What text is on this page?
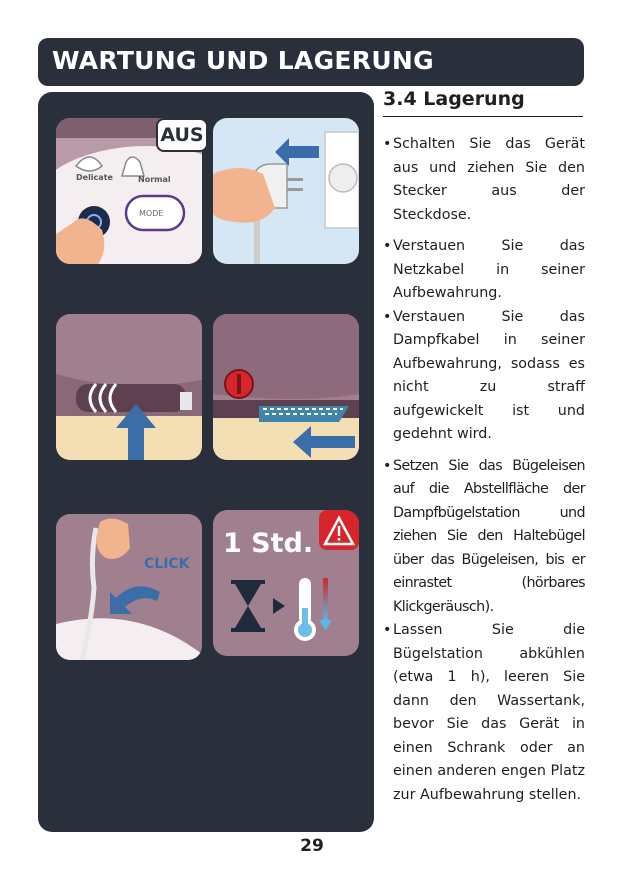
WARTUNG UND LAGERUNG
Delicate	Normal
MODE
AUS
CLICK
1 Std.
3.4 Lagerung
• Schalten Sie das Gerät aus und ziehen Sie den Stecker aus der Steckdose.
• Verstauen Sie das Netzkabel in seiner Aufbewahrung.
• Verstauen Sie das Dampfkabel in seiner Aufbewahrung, sodass es nicht zu straff aufgewickelt ist und gedehnt wird.
• Setzen Sie das Bügeleisen auf die Abstellfläche der Dampfbügelstation und ziehen Sie den Haltebügel über das Bügeleisen, bis er einrastet (hörbares Klickgeräusch).
• Lassen Sie die Bügelstation abkühlen (etwa 1 h), leeren Sie dann den Wassertank, bevor Sie das Gerät in einen Schrank oder an einen anderen engen Platz zur Aufbewahrung stellen.
29
